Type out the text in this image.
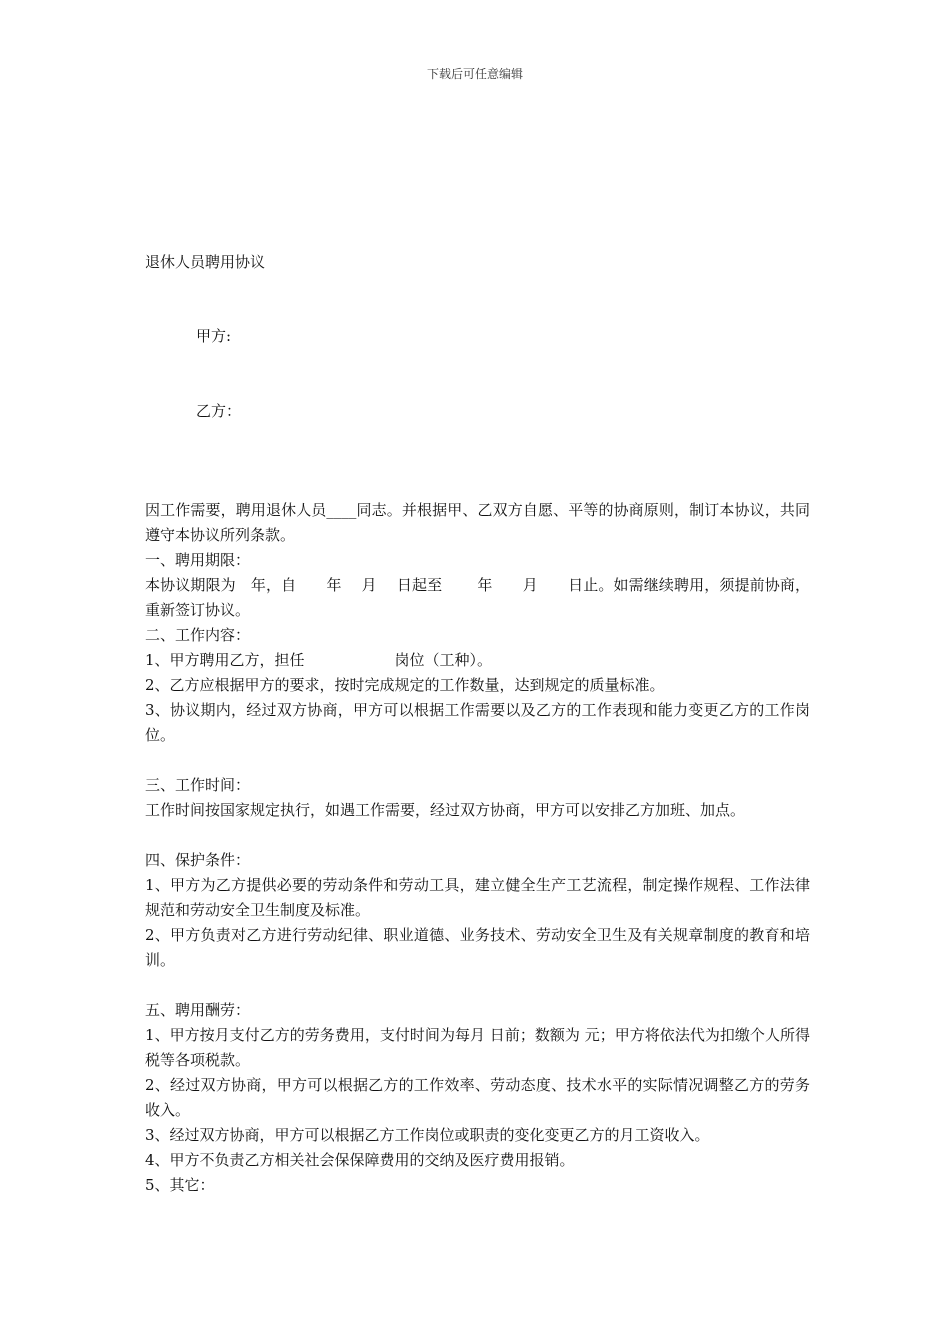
下载后可任意编辑
退休人员聘用协议
甲方:
乙方：

因工作需要，聘用退休人员____同志。并根据甲、乙双方自愿、平等的协商原则，制订本协议，共同遵守本协议所列条款。

一、聘用期限：

本协议期限为　年，自　　年　 月　 日起至　　 年　　月　　日止。如需继续聘用，须提前协商，重新签订协议。

二、工作内容：

1、甲方聘用乙方，担任　　　　　　岗位（工种）。

2、乙方应根据甲方的要求，按时完成规定的工作数量，达到规定的质量标准。

3、协议期内，经过双方协商，甲方可以根据工作需要以及乙方的工作表现和能力变更乙方的工作岗位。

三、工作时间：

工作时间按国家规定执行，如遇工作需要，经过双方协商，甲方可以安排乙方加班、加点。

四、保护条件：

1、甲方为乙方提供必要的劳动条件和劳动工具，建立健全生产工艺流程，制定操作规程、工作法律规范和劳动安全卫生制度及标准。

2、甲方负责对乙方进行劳动纪律、职业道德、业务技术、劳动安全卫生及有关规章制度的教育和培训。

五、聘用酬劳：

1、甲方按月支付乙方的劳务费用，支付时间为每月 日前；数额为 元；甲方将依法代为扣缴个人所得税等各项税款。

2、经过双方协商，甲方可以根据乙方的工作效率、劳动态度、技术水平的实际情况调整乙方的劳务收入。

3、经过双方协商，甲方可以根据乙方工作岗位或职责的变化变更乙方的月工资收入。

4、甲方不负责乙方相关社会保保障费用的交纳及医疗费用报销。

5、其它：
